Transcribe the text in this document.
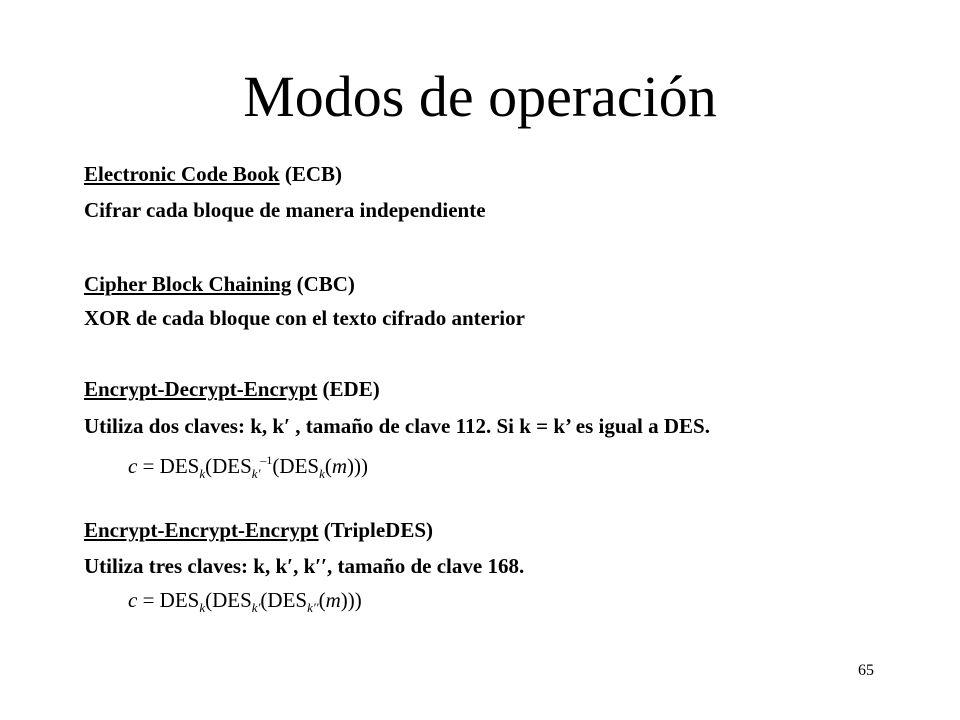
Modos de operación
Electronic Code Book (ECB)
Cifrar cada bloque de manera independiente
Cipher Block Chaining (CBC)
XOR de cada bloque con el texto cifrado anterior
Encrypt-Decrypt-Encrypt (EDE)
Utiliza dos claves: k, k′ , tamaño de clave 112. Si k = k’ es igual a DES.
$c = DES_k(DES_{k'}^{-1}(DES_k(m)))$
Encrypt-Encrypt-Encrypt (TripleDES)
Utiliza tres claves: k, k′, k′′, tamaño de clave 168.
$c = DES_k(DES_{k'}(DES_{k''}(m)))$
65
